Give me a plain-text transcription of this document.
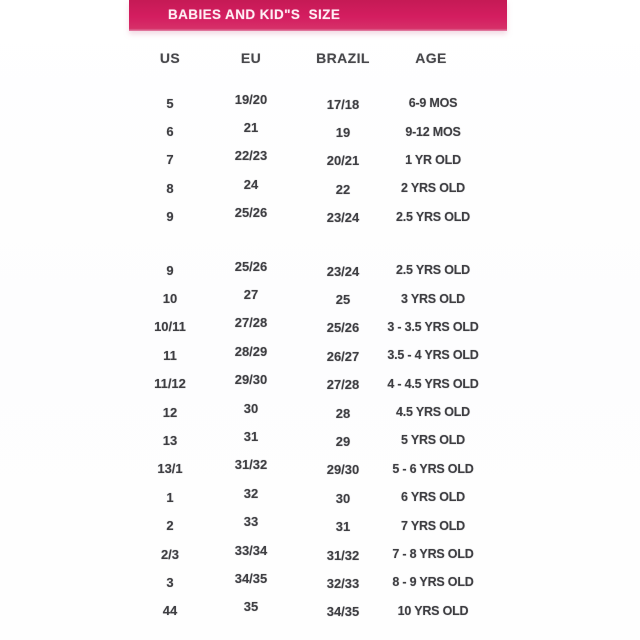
BABIES AND KID"S  SIZE
US	EU	BRAZIL	AGE
5	19/20	17/18	6-9 MOS
6	21	19	9-12 MOS
7	22/23	20/21	1 YR OLD
8	24	22	2 YRS OLD
9	25/26	23/24	2.5 YRS OLD
9	25/26	23/24	2.5 YRS OLD
10	27	25	3 YRS OLD
10/11	27/28	25/26	3 - 3.5 YRS OLD
11	28/29	26/27	3.5 - 4 YRS OLD
11/12	29/30	27/28	4 - 4.5 YRS OLD
12	30	28	4.5 YRS OLD
13	31	29	5 YRS OLD
13/1	31/32	29/30	5 - 6 YRS OLD
1	32	30	6 YRS OLD
2	33	31	7 YRS OLD
2/3	33/34	31/32	7 - 8 YRS OLD
3	34/35	32/33	8 - 9 YRS OLD
44	35	34/35	10 YRS OLD
